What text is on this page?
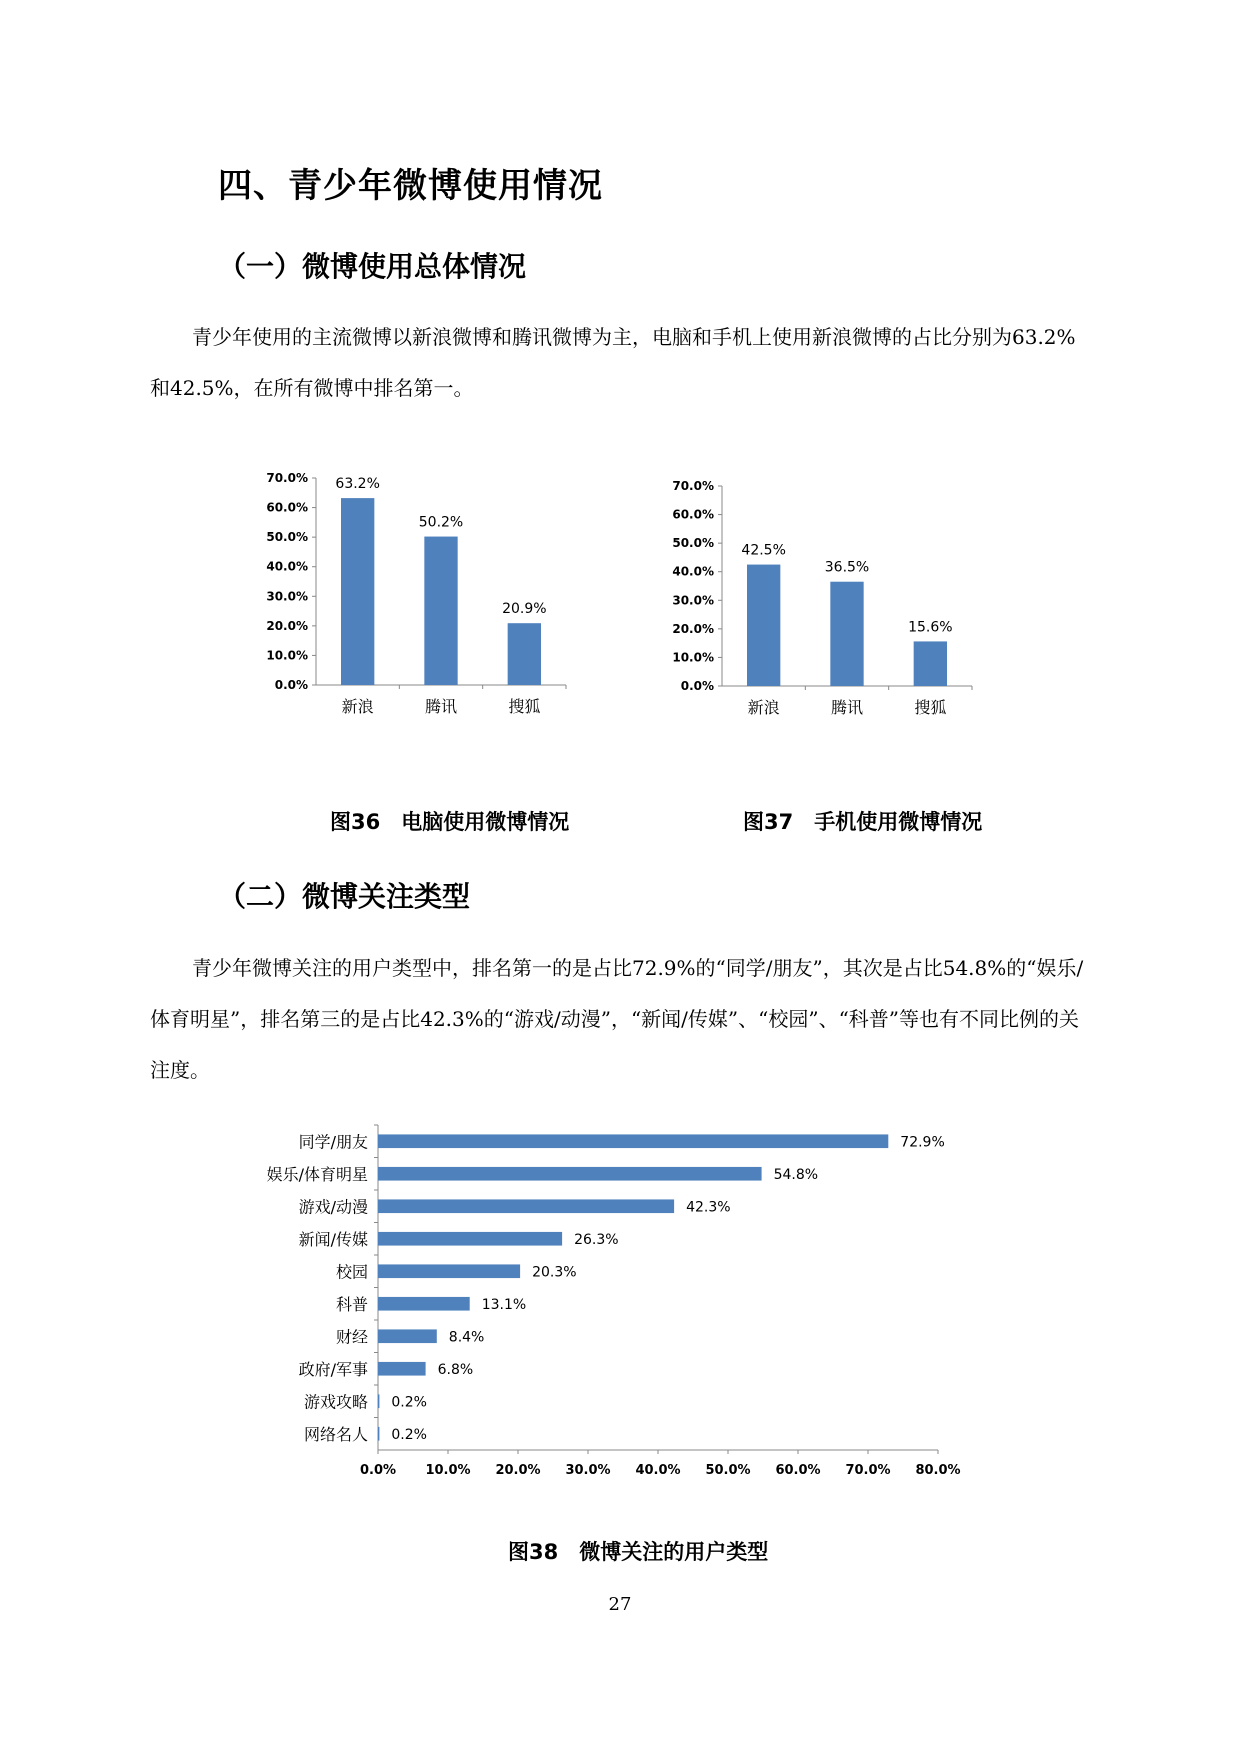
四、青少年微博使用情况
（一）微博使用总体情况
青少年使用的主流微博以新浪微博和腾讯微博为主，电脑和手机上使用新浪微博的占比分别为63.2%和42.5%，在所有微博中排名第一。
0.0%
10.0%
20.0%
30.0%
40.0%
50.0%
60.0%
70.0% 63.2%
新浪
50.2%
腾讯
20.9%
搜狐
0.0%
10.0%
20.0%
30.0%
40.0%
50.0%
60.0%
70.0%
42.5%
新浪
36.5%
腾讯
15.6%
搜狐
图36　电脑使用微博情况	图37　手机使用微博情况
（二）微博关注类型
青少年微博关注的用户类型中，排名第一的是占比72.9%的“同学/朋友”，其次是占比54.8%的“娱乐/体育明星”，排名第三的是占比42.3%的“游戏/动漫”，“新闻/传媒”、“校园”、“科普”等也有不同比例的关注度。
0.0% 10.0% 20.0% 30.0% 40.0% 50.0% 60.0% 70.0% 80.0%
72.9%
同学/朋友
54.8%
娱乐/体育明星
42.3%
游戏/动漫
26.3%
新闻/传媒
20.3%
校园
13.1%
科普
8.4%
财经
6.8%
政府/军事
0.2%
游戏攻略
0.2%
网络名人
图38　微博关注的用户类型
27
